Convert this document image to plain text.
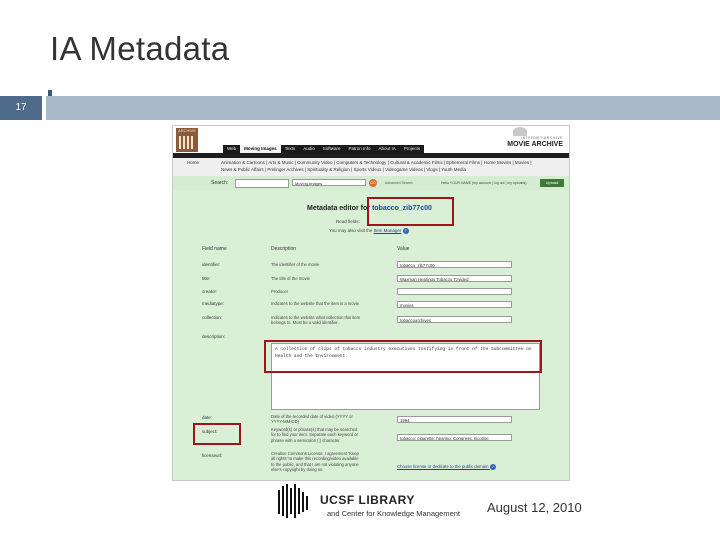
IA Metadata
17
ARCHIVE
Web	Moving Images	Texts	Audio	Software	Patron Info	About IA	Projects
INTERNET ARCHIVE
MOVIE ARCHIVE
Home	Animation & Cartoons | Arts & Music | Community Video | Computers & Technology | Cultural & Academic Films | Ephemeral Films | Home Movies | Movies |
News & Public Affairs | Prelinger Archives | Spirituality & Religion | Sports Videos | Videogame Videos | Vlogs | Youth Media
Search:	Moving Images	GO	Advanced Search	Hello YOUR NAME (my account | log out | my uploads)	Upload
Metadata editor for tobacco_zib77c00
Read fields:
You may also visit the Item Manager ?
Field name	Description	Value
identifier:	The identifier of the movie	tobacco_zib77c00
title:	The title of the movie	Waxman Hearings Tobacco Tzvided
creator:	Producer
mediatype:	Indicates to the website that the item is a movie.	movies
collection:	Indicates to the website what collection this item belongs to. Must be a valid identifier.	tobaccoarchives
description:
A collection of clips of tobacco industry executives testifying in front of the Subcommittee on Health and the Environment.
date:	Date of the recorded date of video (YYYY or YYYY-MM-DD)	1994
subject:	Keyword(s) or phrase(s) that may be searched for to find your item. Separate each keyword or phrase with a semicolon (;) character.	tobacco; cigarette; hearing; Congress; nicotine
licenseurl:	Creative Commons License: I agreement 'Keep all rights' to make this recording/video available to the public, and that I am not violating anyone else's copyright by doing so.
Choose license or dedicate to the public domain ?
UCSF LIBRARY
and Center for Knowledge Management August 12, 2010
